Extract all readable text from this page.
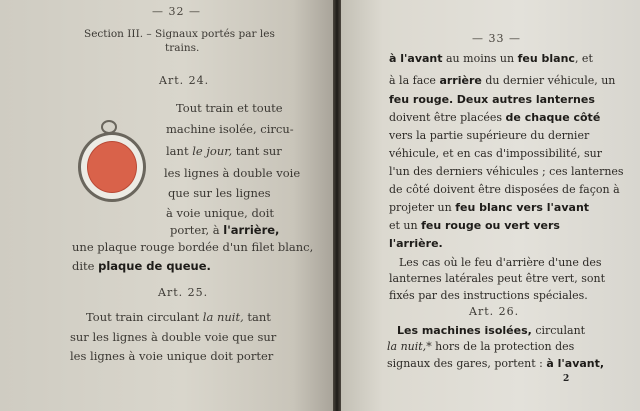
— 32 —
Section III. – Signaux portés par les
trains.
Art. 24.
Tout train et toute
machine isolée, circu-
lant le jour, tant sur
les lignes à double voie
que sur les lignes
à voie unique, doit
porter, à l'arrière,
une plaque rouge bordée d'un filet blanc,
dite plaque de queue.
Art. 25.
Tout train circulant la nuit, tant
sur les lignes à double voie que sur
les lignes à voie unique doit porter
— 33 —
à l'avant au moins un feu blanc, et
à la face arrière du dernier véhicule, un
feu rouge. Deux autres lanternes
doivent être placées de chaque côté
vers la partie supérieure du dernier
véhicule, et en cas d'impossibilité, sur
l'un des derniers véhicules ; ces lanternes
de côté doivent être disposées de façon à
projeter un feu blanc vers l'avant
et un feu rouge ou vert vers
l'arrière.
Les cas où le feu d'arrière d'une des
lanternes latérales peut être vert, sont
fixés par des instructions spéciales.
Art. 26.
Les machines isolées, circulant
la nuit,* hors de la protection des
signaux des gares, portent : à l'avant,
2
